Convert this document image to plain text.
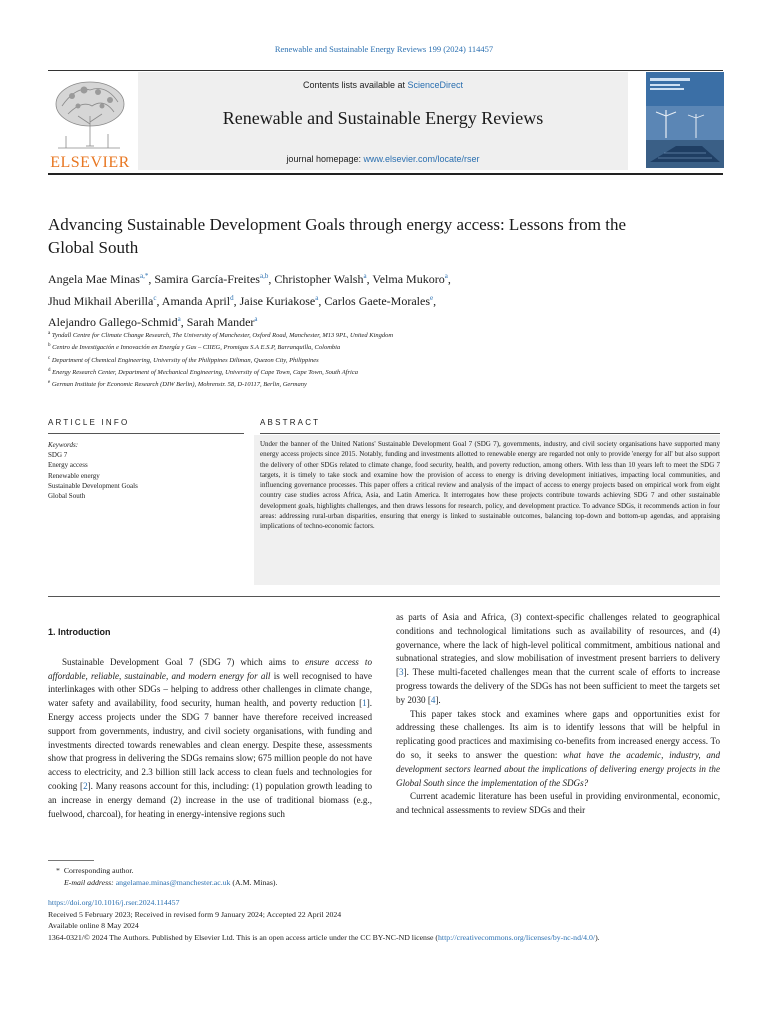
Renewable and Sustainable Energy Reviews 199 (2024) 114457
ELSEVIER
Contents lists available at ScienceDirect
Renewable and Sustainable Energy Reviews
journal homepage: www.elsevier.com/locate/rser
Advancing Sustainable Development Goals through energy access: Lessons from the Global South
Angela Mae Minas$^{a,*}$, Samira García-Freites$^{a,b}$, Christopher Walsh$^a$, Velma Mukoro$^a$,
Jhud Mikhail Aberilla$^c$, Amanda April$^d$, Jaise Kuriakose$^a$, Carlos Gaete-Morales$^e$,
Alejandro Gallego-Schmid$^a$, Sarah Mander$^a$
$^a$ Tyndall Centre for Climate Change Research, The University of Manchester, Oxford Road, Manchester, M13 9PL, United Kingdom
$^b$ Centro de Investigación e Innovación en Energía y Gas – CIIEG, Promigas S.A E.S.P, Barranquilla, Colombia
$^c$ Department of Chemical Engineering, University of the Philippines Diliman, Quezon City, Philippines
$^d$ Energy Research Center, Department of Mechanical Engineering, University of Cape Town, Cape Town, South Africa
$^e$ German Institute for Economic Research (DIW Berlin), Mohrenstr. 58, D-10117, Berlin, Germany
ARTICLE INFO	ABSTRACT
Keywords:
SDG 7
Energy access
Renewable energy
Sustainable Development Goals
Global South
Under the banner of the United Nations' Sustainable Development Goal 7 (SDG 7), governments, industry, and civil society organisations have supported many energy access projects since 2015. Notably, funding and investments allotted to renewable energy are regarded not only to provide 'energy for all' but also support the delivery of other SDGs related to climate change, food security, health, and poverty reduction, among others. With less than 10 years left to meet the SDG 7 targets, it is timely to take stock and examine how the provision of access to energy is driving development initiatives, impacting local communities, and influencing governance processes. This paper offers a critical review and analysis of the impact of access to energy projects based on empirical work from eight country case studies across Africa, Asia, and Latin America. It interrogates how these projects contribute towards achieving SDG 7 and other sustainable development goals, highlights challenges, and then draws lessons for research, policy, and development practice. To advance SDGs, it recommends action in four areas: addressing rural-urban disparities, ensuring that energy is linked to sustainable outcomes, balancing top-down and bottom-up agendas, and appraising implications of techno-economic factors.

1. Introduction

Sustainable Development Goal 7 (SDG 7) which aims to ensure access to affordable, reliable, sustainable, and modern energy for all is well recognised to have interlinkages with other SDGs – helping to address other challenges in climate change, water safety and availability, food security, human health, and poverty reduction [1]. Energy access projects under the SDG 7 banner have therefore received increased support from governments, industry, and civil society organisations, with funding and investments directed towards renewables and clean energy. Despite these, assessments show that progress in delivering the SDGs remains slow; 675 million people do not have access to electricity, and 2.3 billion still lack access to clean fuels and technologies for cooking [2]. Many reasons account for this, including: (1) population growth leading to an increase in energy demand (2) increase in the use of traditional biomass (e.g., fuelwood, charcoal), for heating in energy-intensive regions such

as parts of Asia and Africa, (3) context-specific challenges related to geographical conditions and technological limitations such as availability of resources, and (4) governance, where the lack of high-level political commitment, ambitious national and subnational strategies, and slow mobilisation of investment present barriers to delivery [3]. These multi-faceted challenges mean that the current scale of efforts to increase progress towards the delivery of the SDGs has not been sufficient to meet the targets set by 2030 [4].

This paper takes stock and examines where gaps and opportunities exist for addressing these challenges. Its aim is to identify lessons that will be helpful in replicating good practices and maximising co-benefits from increased energy access. To do so, it seeks to answer the question: what have the academic, industry, and development sectors learned about the implications of delivering energy projects in the Global South since the implementation of the SDGs?

Current academic literature has been useful in providing environmental, economic, and technical assessments to review SDGs and their

* Corresponding author.
E-mail address: angelamae.minas@manchester.ac.uk (A.M. Minas).
https://doi.org/10.1016/j.rser.2024.114457
Received 5 February 2023; Received in revised form 9 January 2024; Accepted 22 April 2024
Available online 8 May 2024
1364-0321/© 2024 The Authors. Published by Elsevier Ltd. This is an open access article under the CC BY-NC-ND license (http://creativecommons.org/licenses/by-nc-nd/4.0/).
